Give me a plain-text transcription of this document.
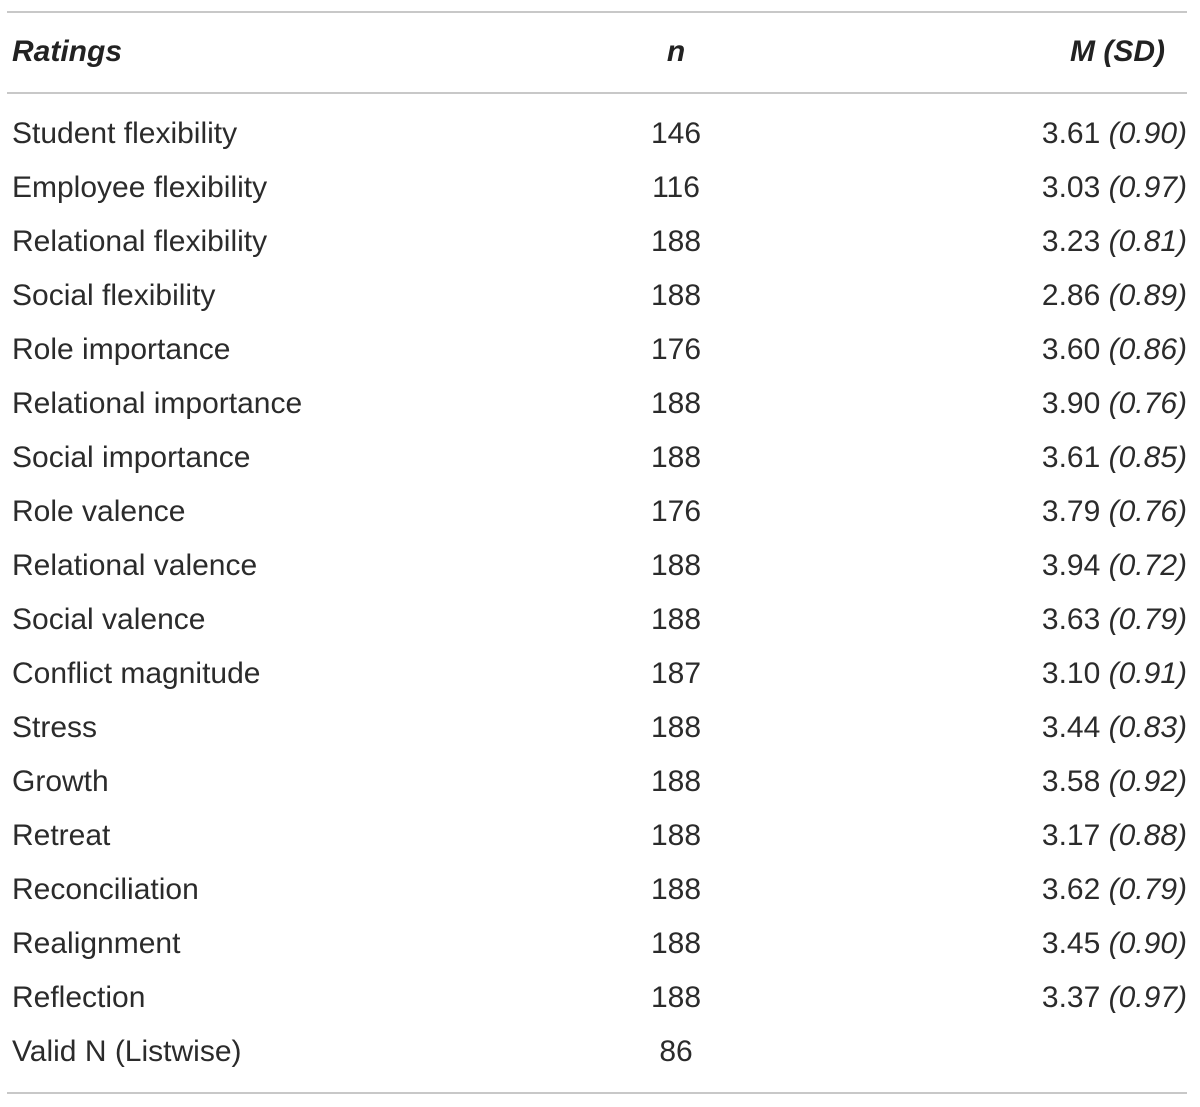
Ratings	n	M (SD)
Student flexibility	146	3.61 (0.90)
Employee flexibility	116	3.03 (0.97)
Relational flexibility	188	3.23 (0.81)
Social flexibility	188	2.86 (0.89)
Role importance	176	3.60 (0.86)
Relational importance	188	3.90 (0.76)
Social importance	188	3.61 (0.85)
Role valence	176	3.79 (0.76)
Relational valence	188	3.94 (0.72)
Social valence	188	3.63 (0.79)
Conflict magnitude	187	3.10 (0.91)
Stress	188	3.44 (0.83)
Growth	188	3.58 (0.92)
Retreat	188	3.17 (0.88)
Reconciliation	188	3.62 (0.79)
Realignment	188	3.45 (0.90)
Reflection	188	3.37 (0.97)
Valid N (Listwise)	86
